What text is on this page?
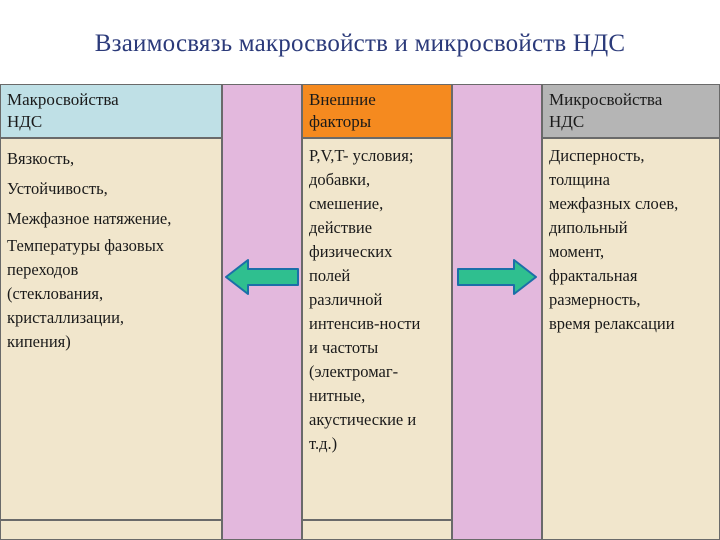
Взаимосвязь макросвойств и микросвойств НДС
Макросвойства
НДС
Вязкость,
Устойчивость,
Межфазное натяжение,
Температуры фазовых
переходов
(стеклования,
кристаллизации,
кипения)
Внешние
факторы
P,V,T- условия;
добавки,
смешение,
действие
физических
полей
различной
интенсив-ности
и частоты
(электромаг-
нитные,
акустические и
т.д.)
Микросвойства
НДС
Дисперность,
толщина
межфазных слоев,
дипольный
момент,
фрактальная
размерность,
время релаксации
